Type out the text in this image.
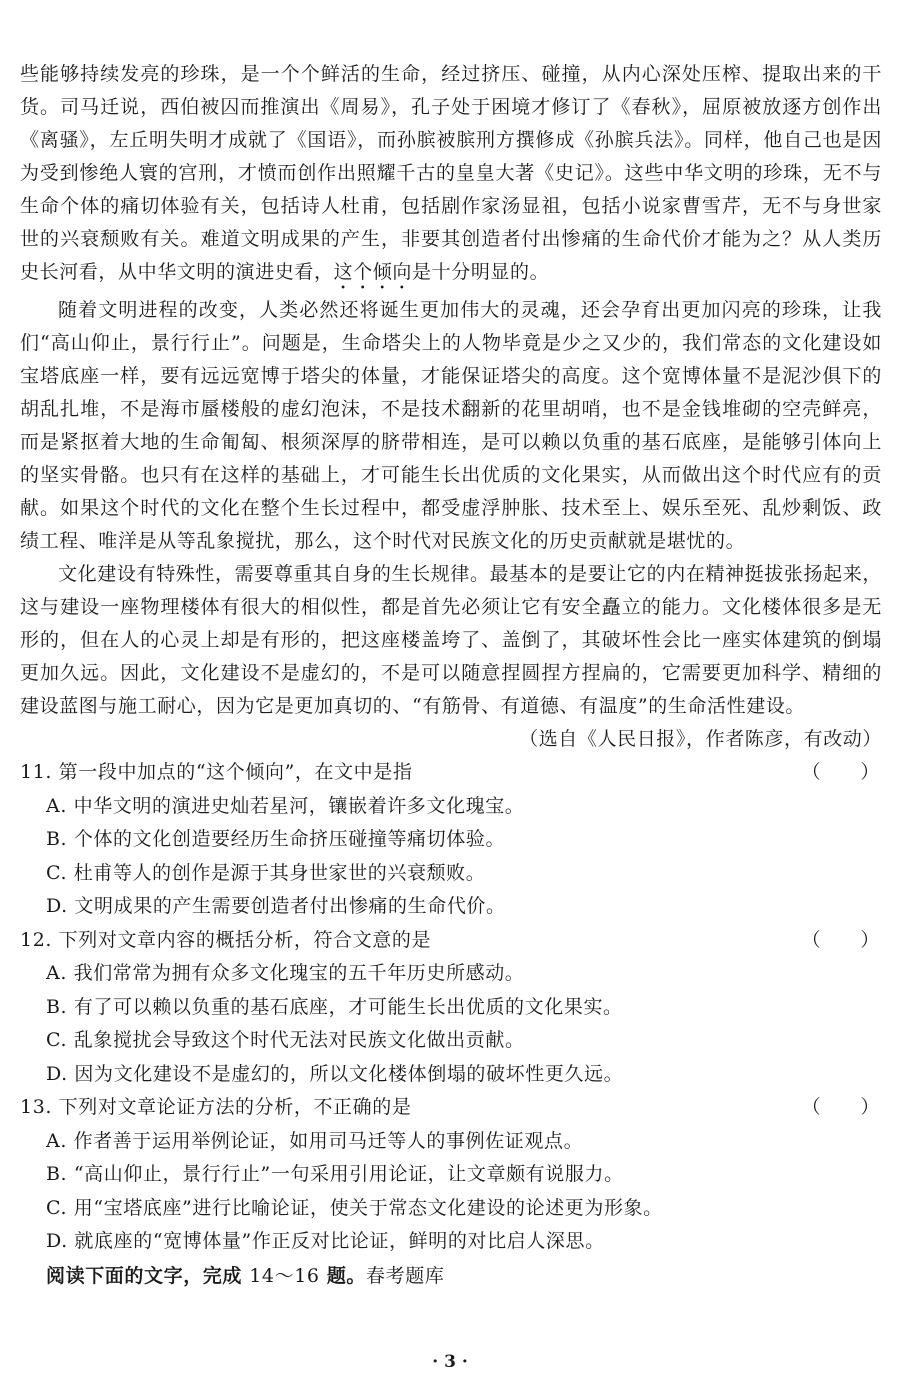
些能够持续发亮的珍珠，是一个个鲜活的生命，经过挤压、碰撞，从内心深处压榨、提取出来的干货。司马迁说，西伯被囚而推演出《周易》，孔子处于困境才修订了《春秋》，屈原被放逐方创作出《离骚》，左丘明失明才成就了《国语》，而孙膑被膑刑方撰修成《孙膑兵法》。同样，他自己也是因为受到惨绝人寰的宫刑，才愤而创作出照耀千古的皇皇大著《史记》。这些中华文明的珍珠，无不与生命个体的痛切体验有关，包括诗人杜甫，包括剧作家汤显祖，包括小说家曹雪芹，无不与身世家世的兴衰颓败有关。难道文明成果的产生，非要其创造者付出惨痛的生命代价才能为之？从人类历史长河看，从中华文明的演进史看，这个倾向是十分明显的。

随着文明进程的改变，人类必然还将诞生更加伟大的灵魂，还会孕育出更加闪亮的珍珠，让我们“高山仰止，景行行止”。问题是，生命塔尖上的人物毕竟是少之又少的，我们常态的文化建设如宝塔底座一样，要有远远宽博于塔尖的体量，才能保证塔尖的高度。这个宽博体量不是泥沙俱下的胡乱扎堆，不是海市蜃楼般的虚幻泡沫，不是技术翻新的花里胡哨，也不是金钱堆砌的空壳鲜亮，而是紧抠着大地的生命匍匐、根须深厚的脐带相连，是可以赖以负重的基石底座，是能够引体向上的坚实骨骼。也只有在这样的基础上，才可能生长出优质的文化果实，从而做出这个时代应有的贡献。如果这个时代的文化在整个生长过程中，都受虚浮肿胀、技术至上、娱乐至死、乱炒剩饭、政绩工程、唯洋是从等乱象搅扰，那么，这个时代对民族文化的历史贡献就是堪忧的。

文化建设有特殊性，需要尊重其自身的生长规律。最基本的是要让它的内在精神挺拔张扬起来，这与建设一座物理楼体有很大的相似性，都是首先必须让它有安全矗立的能力。文化楼体很多是无形的，但在人的心灵上却是有形的，把这座楼盖垮了、盖倒了，其破坏性会比一座实体建筑的倒塌更加久远。因此，文化建设不是虚幻的，不是可以随意捏圆捏方捏扁的，它需要更加科学、精细的建设蓝图与施工耐心，因为它是更加真切的、“有筋骨、有道德、有温度”的生命活性建设。

（选自《人民日报》，作者陈彦，有改动）

11. 第一段中加点的“这个倾向”，在文中是指	（　　）
A. 中华文明的演进史灿若星河，镶嵌着许多文化瑰宝。
B. 个体的文化创造要经历生命挤压碰撞等痛切体验。
C. 杜甫等人的创作是源于其身世家世的兴衰颓败。
D. 文明成果的产生需要创造者付出惨痛的生命代价。
12. 下列对文章内容的概括分析，符合文意的是	（　　）
A. 我们常常为拥有众多文化瑰宝的五千年历史所感动。
B. 有了可以赖以负重的基石底座，才可能生长出优质的文化果实。
C. 乱象搅扰会导致这个时代无法对民族文化做出贡献。
D. 因为文化建设不是虚幻的，所以文化楼体倒塌的破坏性更久远。
13. 下列对文章论证方法的分析，不正确的是	（　　）
A. 作者善于运用举例论证，如用司马迁等人的事例佐证观点。
B. “高山仰止，景行行止”一句采用引用论证，让文章颇有说服力。
C. 用“宝塔底座”进行比喻论证，使关于常态文化建设的论述更为形象。
D. 就底座的“宽博体量”作正反对比论证，鲜明的对比启人深思。
阅读下面的文字，完成 14～16 题。春考题库
· 3 ·
